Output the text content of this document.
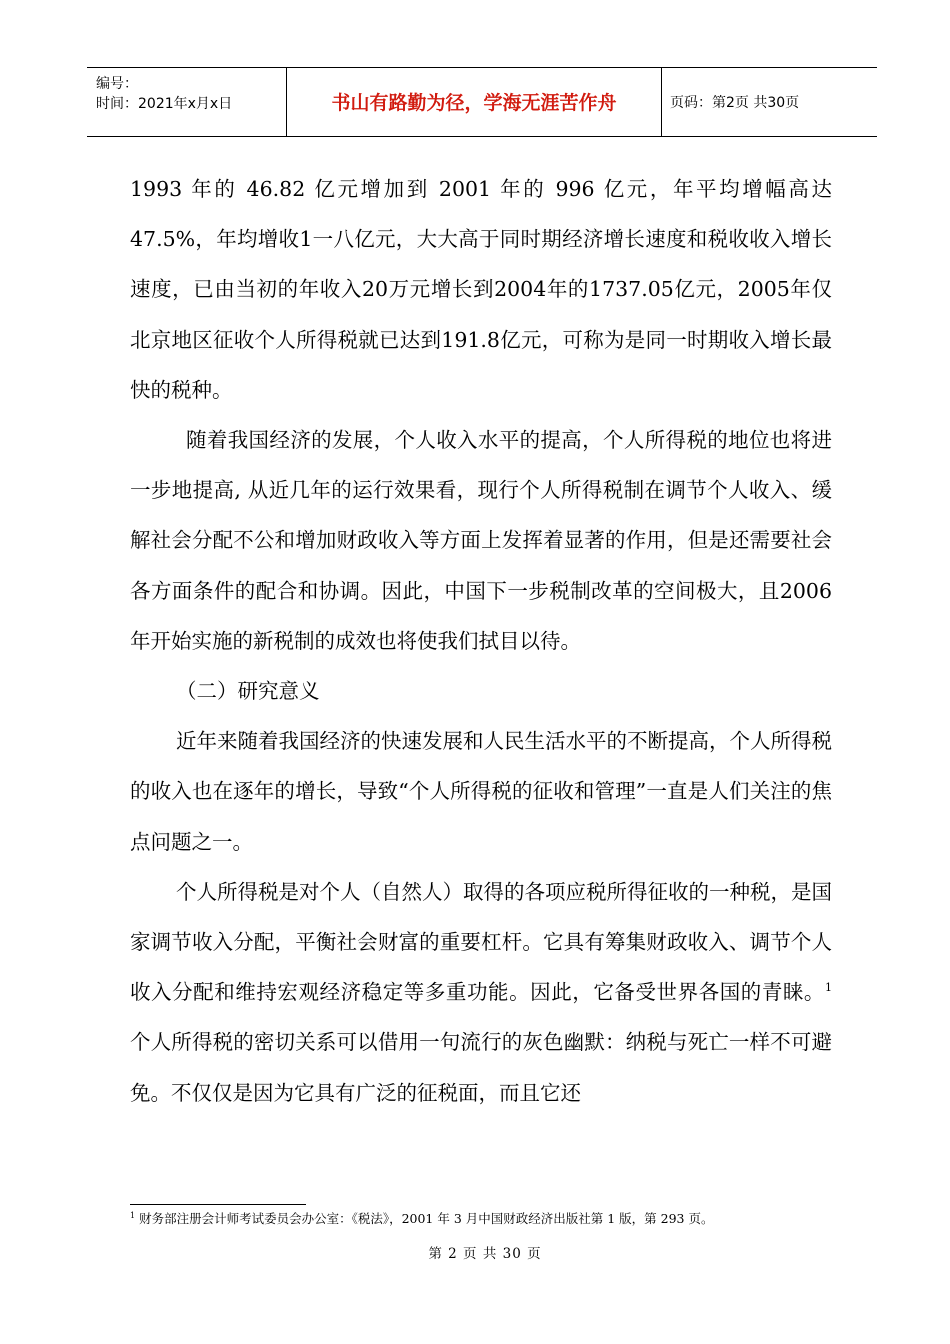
编号：
时间：2021年x月x日	书山有路勤为径，学海无涯苦作舟	页码：第2页 共30页

1993 年的 46.82 亿元增加到 2001 年的 996 亿元，年平均增幅高达47.5%，年均增收1一八亿元，大大高于同时期经济增长速度和税收收入增长速度，已由当初的年收入20万元增长到2004年的1737.05亿元，2005年仅北京地区征收个人所得税就已达到191.8亿元，可称为是同一时期收入增长最快的税种。

随着我国经济的发展，个人收入水平的提高，个人所得税的地位也将进一步地提高, 从近几年的运行效果看，现行个人所得税制在调节个人收入、缓解社会分配不公和增加财政收入等方面上发挥着显著的作用，但是还需要社会各方面条件的配合和协调。因此，中国下一步税制改革的空间极大，且2006年开始实施的新税制的成效也将使我们拭目以待。

（二）研究意义

近年来随着我国经济的快速发展和人民生活水平的不断提高，个人所得税的收入也在逐年的增长，导致“个人所得税的征收和管理”一直是人们关注的焦点问题之一。

个人所得税是对个人（自然人）取得的各项应税所得征收的一种税，是国家调节收入分配，平衡社会财富的重要杠杆。它具有筹集财政收入、调节个人收入分配和维持宏观经济稳定等多重功能。因此，它备受世界各国的青睐。$^1$个人所得税的密切关系可以借用一句流行的灰色幽默：纳税与死亡一样不可避免。不仅仅是因为它具有广泛的征税面，而且它还

$^1$ 财务部注册会计师考试委员会办公室：《税法》，2001 年 3 月中国财政经济出版社第 1 版，第 293 页。
第 2 页 共 30 页
